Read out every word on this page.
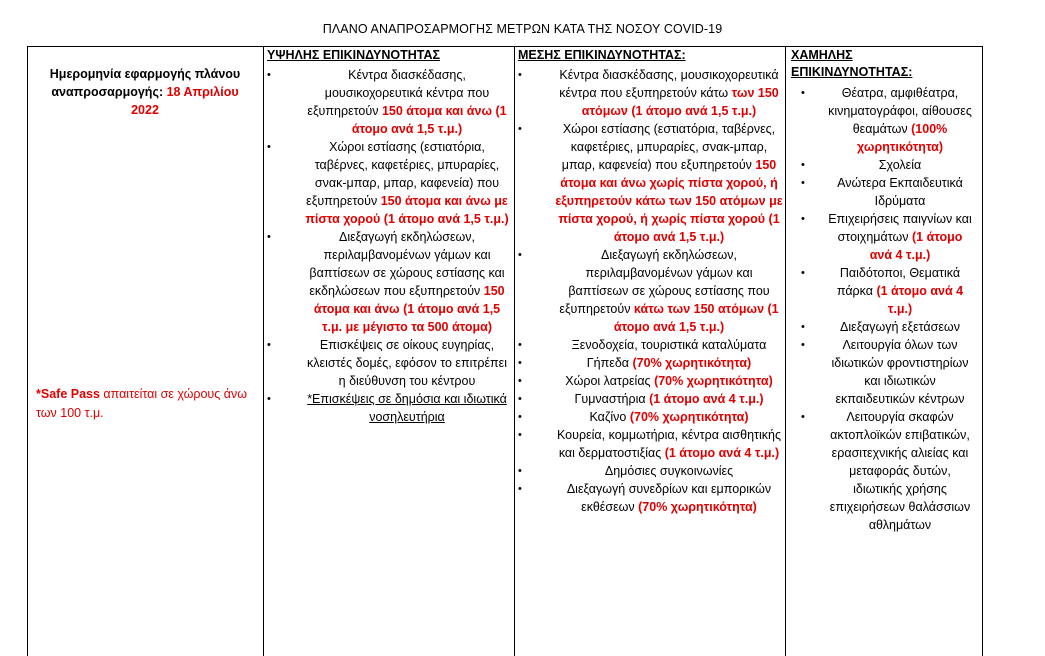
ΠΛΑΝΟ ΑΝΑΠΡΟΣΑΡΜΟΓΗΣ ΜΕΤΡΩΝ ΚΑΤΑ ΤΗΣ ΝΟΣΟΥ COVID-19
Ημερομηνία εφαρμογής πλάνου αναπροσαρμογής: 18 Απριλίου 2022
*Safe Pass απαιτείται σε χώρους άνω των 100 τ.μ.
ΥΨΗΛΗΣ ΕΠΙΚΙΝΔΥΝΟΤΗΤΑΣ
•	Κέντρα διασκέδασης, μουσικοχορευτικά κέντρα που εξυπηρετούν 150 άτομα και άνω (1 άτομο ανά 1,5 τ.μ.)
•	Χώροι εστίασης (εστιατόρια, ταβέρνες, καφετέριες, μπυραρίες, σνακ-μπαρ, μπαρ, καφενεία) που εξυπηρετούν 150 άτομα και άνω με πίστα χορού (1 άτομο ανά 1,5 τ.μ.)
•	Διεξαγωγή εκδηλώσεων, περιλαμβανομένων γάμων και βαπτίσεων σε χώρους εστίασης και εκδηλώσεων που εξυπηρετούν 150 άτομα και άνω (1 άτομο ανά 1,5 τ.μ. με μέγιστο τα 500 άτομα)
•	Επισκέψεις σε οίκους ευγηρίας, κλειστές δομές, εφόσον το επιτρέπει η διεύθυνση του κέντρου
•	*Επισκέψεις σε δημόσια και ιδιωτικά νοσηλευτήρια
ΜΕΣΗΣ ΕΠΙΚΙΝΔΥΝΟΤΗΤΑΣ:
•	Κέντρα διασκέδασης, μουσικοχορευτικά κέντρα που εξυπηρετούν κάτω των 150 ατόμων (1 άτομο ανά 1,5 τ.μ.)
•	Χώροι εστίασης (εστιατόρια, ταβέρνες, καφετέριες, μπυραρίες, σνακ-μπαρ, μπαρ, καφενεία) που εξυπηρετούν 150 άτομα και άνω χωρίς πίστα χορού, ή εξυπηρετούν κάτω των 150 ατόμων με πίστα χορού, ή χωρίς πίστα χορού (1 άτομο ανά 1,5 τ.μ.)
•	Διεξαγωγή εκδηλώσεων, περιλαμβανομένων γάμων και βαπτίσεων σε χώρους εστίασης που εξυπηρετούν κάτω των 150 ατόμων (1 άτομο ανά 1,5 τ.μ.)
•	Ξενοδοχεία, τουριστικά καταλύματα
•	Γήπεδα (70% χωρητικότητα)
•	Χώροι λατρείας (70% χωρητικότητα)
•	Γυμναστήρια (1 άτομο ανά 4 τ.μ.)
•	Καζίνο (70% χωρητικότητα)
•	Κουρεία, κομμωτήρια, κέντρα αισθητικής και δερματοστιξίας (1 άτομο ανά 4 τ.μ.)
•	Δημόσιες συγκοινωνίες
•	Διεξαγωγή συνεδρίων και εμπορικών εκθέσεων (70% χωρητικότητα)
ΧΑΜΗΛΗΣ ΕΠΙΚΙΝΔΥΝΟΤΗΤΑΣ:
•	Θέατρα, αμφιθέατρα, κινηματογράφοι, αίθουσες θεαμάτων (100% χωρητικότητα)
•	Σχολεία
•	Ανώτερα Εκπαιδευτικά Ιδρύματα
• Επιχειρήσεις παιγνίων και στοιχημάτων (1 άτομο ανά 4 τ.μ.)
•	Παιδότοποι, Θεματικά πάρκα (1 άτομο ανά 4 τ.μ.)
•	Διεξαγωγή εξετάσεων
•	Λειτουργία όλων των ιδιωτικών φροντιστηρίων και ιδιωτικών εκπαιδευτικών κέντρων
•	Λειτουργία σκαφών ακτοπλοϊκών επιβατικών, ερασιτεχνικής αλιείας και μεταφοράς δυτών, ιδιωτικής χρήσης επιχειρήσεων θαλάσσιων αθλημάτων
